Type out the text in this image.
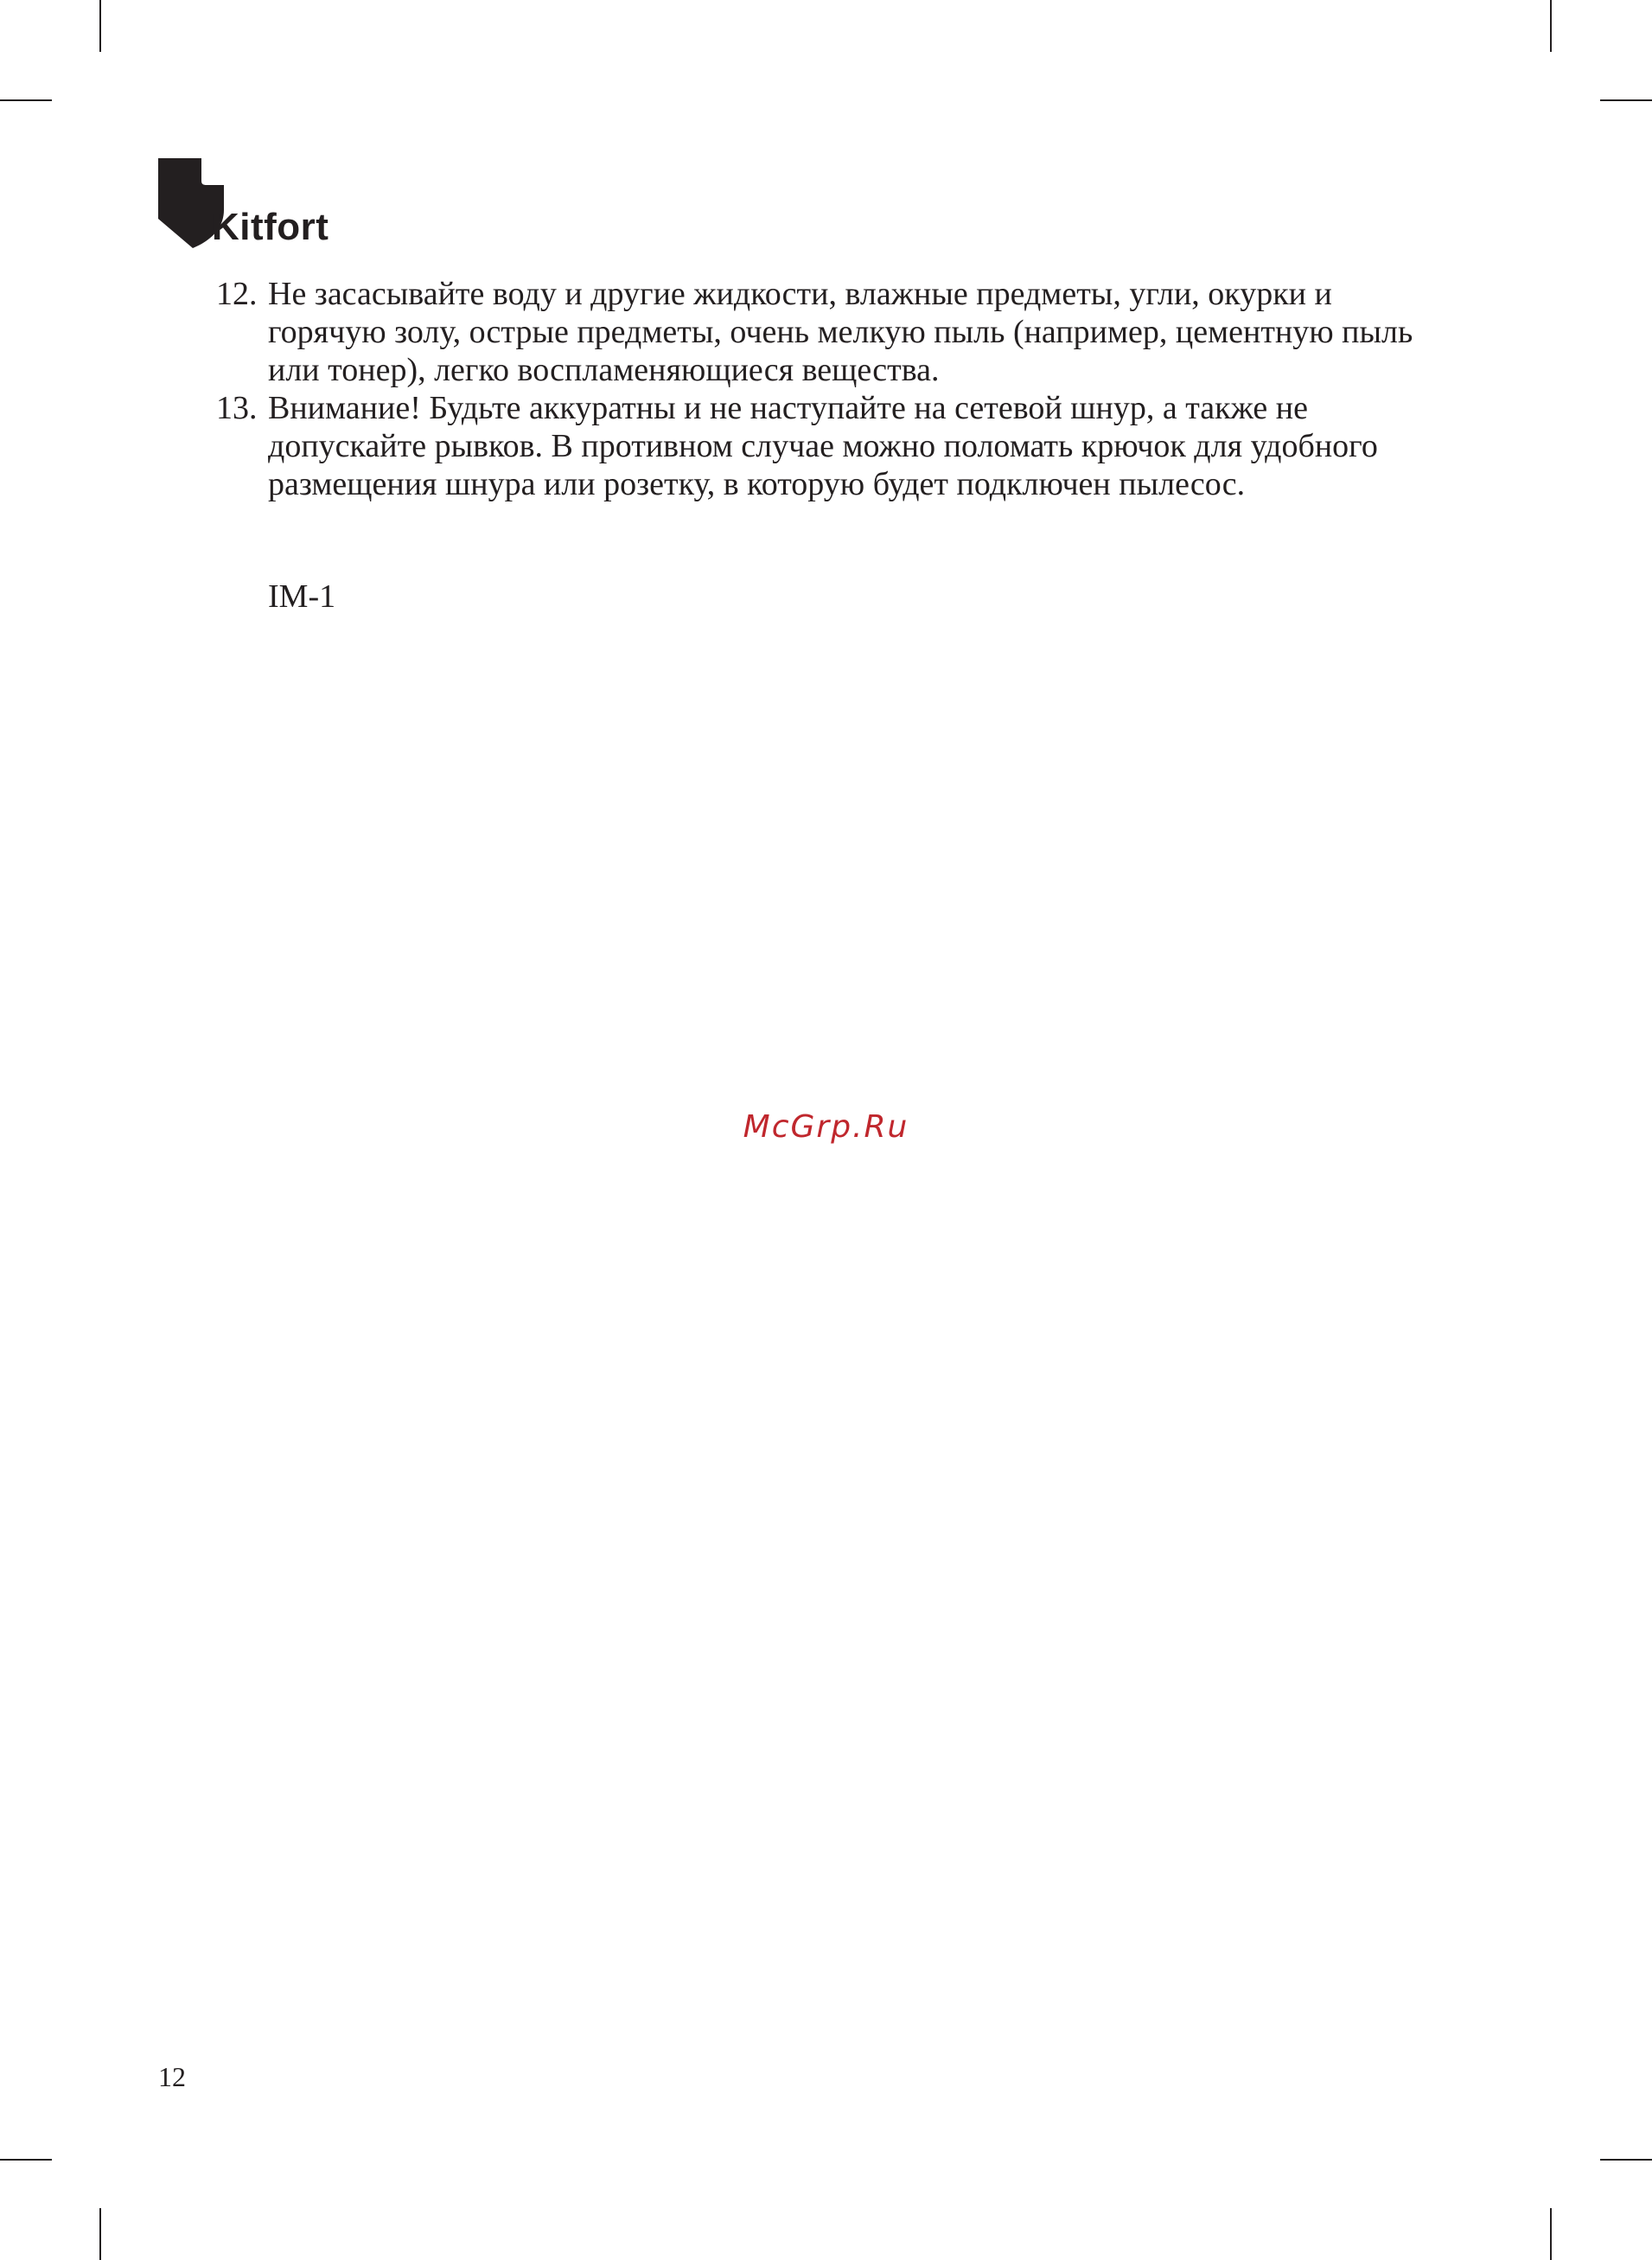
Kitfort
12. Не засасывайте воду и другие жидкости, влажные предметы, угли, окурки и горячую золу, острые предметы, очень мелкую пыль (например, цементную пыль или тонер), легко воспламеняющиеся вещества.
13. Внимание! Будьте аккуратны и не наступайте на сетевой шнур, а также не допускайте рывков. В противном случае можно поломать крючок для удобного размещения шнура или розетку, в которую будет подключен пылесос.
IM-1
McGrp.Ru
12
